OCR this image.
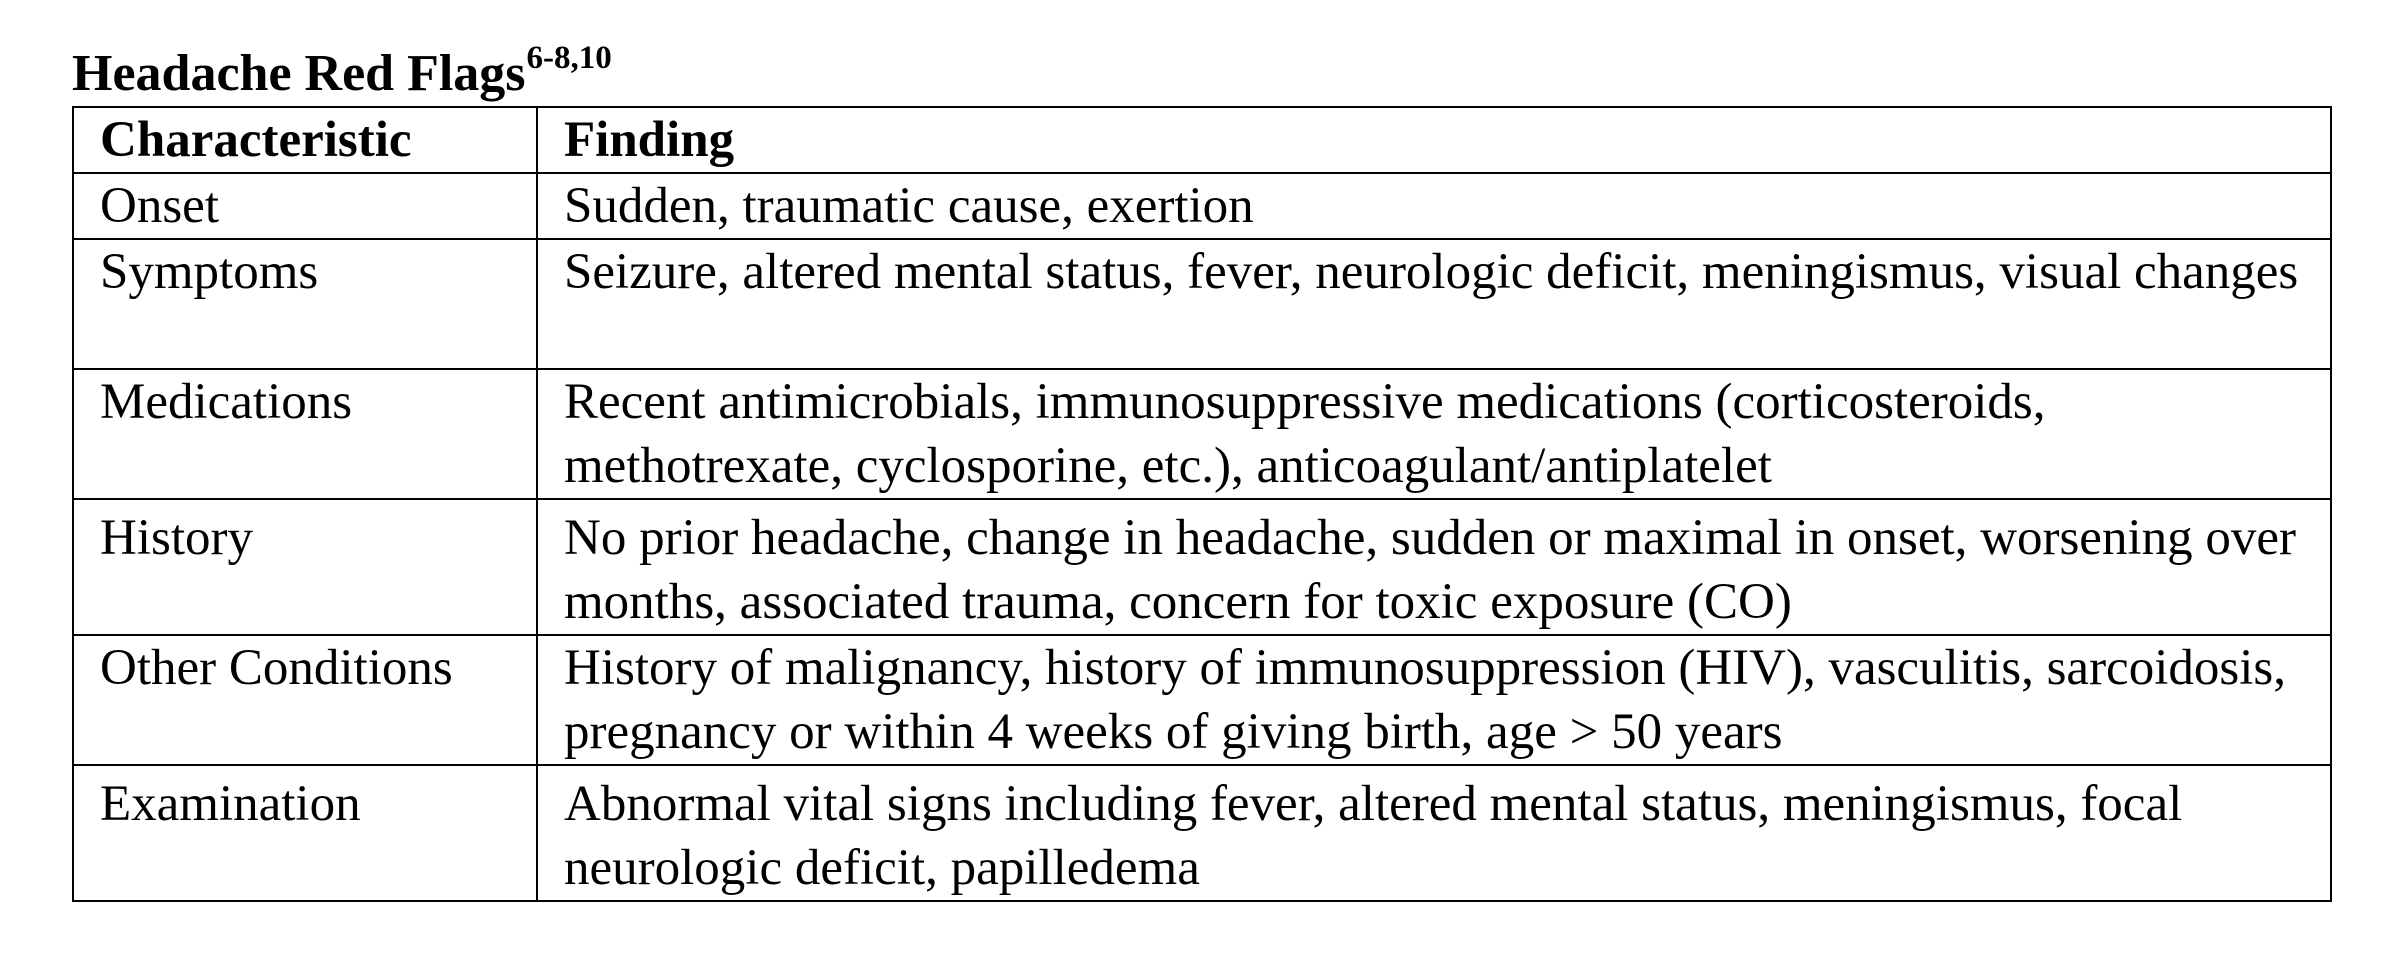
Headache Red Flags$^{6-8,10}$
Characteristic	Finding
Onset	Sudden, traumatic cause, exertion
Symptoms	Seizure, altered mental status, fever, neurologic deficit, meningismus, visual changes
Medications	Recent antimicrobials, immunosuppressive medications (corticosteroids, methotrexate, cyclosporine, etc.), anticoagulant/antiplatelet
History	No prior headache, change in headache, sudden or maximal in onset, worsening over months, associated trauma, concern for toxic exposure (CO)
Other Conditions	History of malignancy, history of immunosuppression (HIV), vasculitis, sarcoidosis, pregnancy or within 4 weeks of giving birth, age > 50 years
Examination	Abnormal vital signs including fever, altered mental status, meningismus, focal neurologic deficit, papilledema
